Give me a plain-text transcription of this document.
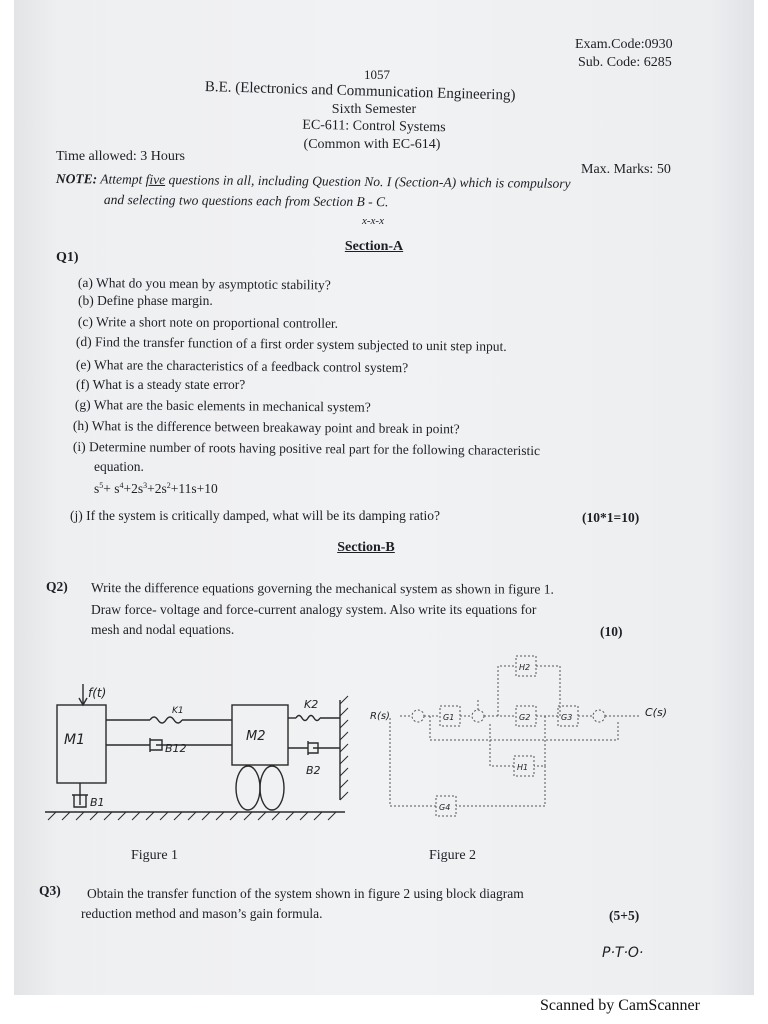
Exam.Code:0930
Sub. Code: 6285
1057
B.E. (Electronics and Communication Engineering)
Sixth Semester
EC-611: Control Systems
(Common with EC-614)
Time allowed: 3 Hours
Max. Marks: 50
NOTE: Attempt five questions in all, including Question No. I (Section-A) which is compulsory
and selecting two questions each from Section B - C.
x-x-x
Section-A
Q1)
(a) What do you mean by asymptotic stability?
(b) Define phase margin.
(c) Write a short note on proportional controller.
(d) Find the transfer function of a first order system subjected to unit step input.
(e) What are the characteristics of a feedback control system?
(f) What is a steady state error?
(g) What are the basic elements in mechanical system?
(h) What is the difference between breakaway point and break in point?
(i) Determine number of roots having positive real part for the following characteristic
equation.
$s^5+ s^4+2s^3+2s^2+11s+10$
(j) If the system is critically damped, what will be its damping ratio?	(10*1=10)
Section-B
Q2) Write the difference equations governing the mechanical system as shown in figure 1.
Draw force- voltage and force-current analogy system. Also write its equations for
mesh and nodal equations.	(10)
f(t)
K1
B12
M1	M2
K2
B2
B1
R(s)	C(s)
H2
G1	G2	G3
H1
G4
Figure 1	Figure 2
Q3) Obtain the transfer function of the system shown in figure 2 using block diagram
reduction method and mason’s gain formula.	(5+5)
P·T·O·
Scanned by CamScanner
